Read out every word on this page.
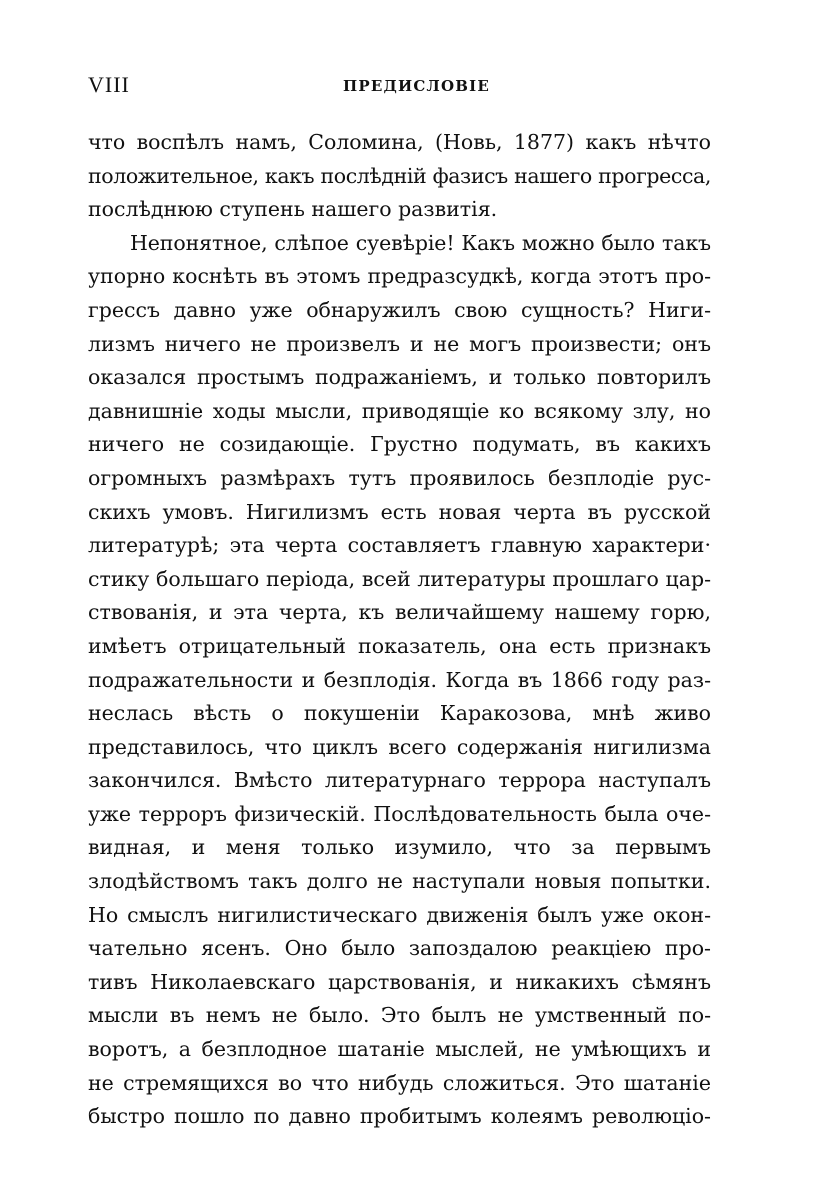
VIII	ПРЕДИСЛОВІЕ
что воспѣлъ намъ, Соломина, (Новь, 1877) какъ нѣчто
положительное, какъ послѣдній фазисъ нашего прогресса,
послѣднюю ступень нашего развитія.
Непонятное, слѣпое суевѣріе! Какъ можно было такъ
упорно коснѣть въ этомъ предразсудкѣ, когда этотъ про-
грессъ давно уже обнаружилъ свою сущность? Ниги-
лизмъ ничего не произвелъ и не могъ произвести; онъ
оказался простымъ подражаніемъ, и только повторилъ
давнишніе ходы мысли, приводящіе ко всякому злу, но
ничего не созидающіе. Грустно подумать, въ какихъ
огромныхъ размѣрахъ тутъ проявилось безплодіе рус-
скихъ умовъ. Нигилизмъ есть новая черта въ русской
литературѣ; эта черта составляетъ главную характери·
стику большаго періода, всей литературы прошлаго цар-
ствованія, и эта черта, къ величайшему нашему горю,
имѣетъ отрицательный показатель, она есть признакъ
подражательности и безплодія. Когда въ 1866 году раз-
неслась вѣсть о покушеніи Каракозова, мнѣ живо
представилось, что циклъ всего содержанія нигилизма
закончился. Вмѣсто литературнаго террора наступалъ
уже терроръ физическій. Послѣдовательность была оче-
видная, и меня только изумило, что за первымъ
злодѣйствомъ такъ долго не наступали новыя попытки.
Но смыслъ нигилистическаго движенія былъ уже окон-
чательно ясенъ. Оно было запоздалою реакціею про-
тивъ Николаевскаго царствованія, и никакихъ сѣмянъ
мысли въ немъ не было. Это былъ не умственный по-
воротъ, а безплодное шатаніе мыслей, не умѣющихъ и
не стремящихся во что нибудь сложиться. Это шатаніе
быстро пошло по давно пробитымъ колеямъ революціо-
